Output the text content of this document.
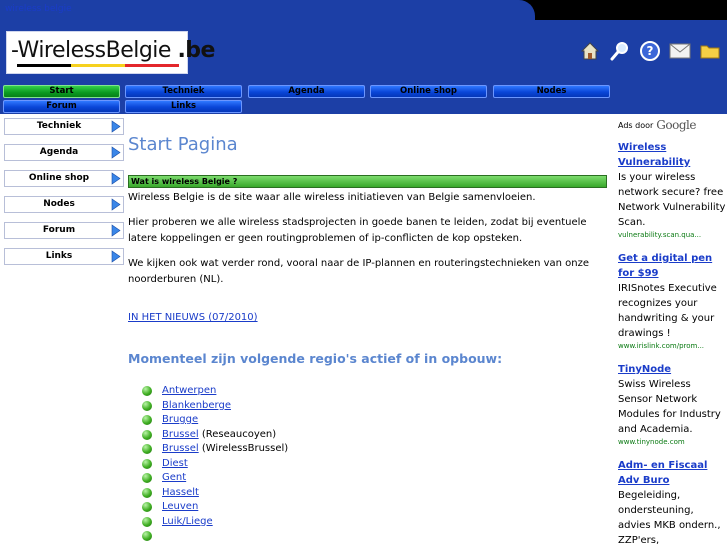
wireless belgie
-WirelessBelgie .be	?
Start	Techniek	Agenda	Online shop	Nodes
Forum	Links
Techniek
Agenda
Online shop
Nodes
Forum
Links
Start Pagina
Wat is wireless Belgie ?

Wireless Belgie is de site waar alle wireless initiatieven van Belgie samenvloeien.

Hier proberen we alle wireless stadsprojecten in goede banen te leiden, zodat bij eventuele latere koppelingen er geen routingproblemen of ip-conflicten de kop opsteken.

We kijken ook wat verder rond, vooral naar de IP-plannen en routeringstechnieken van onze noorderburen (NL).

IN HET NIEUWS (07/2010)
Momenteel zijn volgende regio's actief of in opbouw:
Antwerpen
Blankenberge
Brugge
Brussel (Reseaucoyen)
Brussel (WirelessBrussel)
Diest
Gent
Hasselt
Leuven
Luik/Liege
Ads door Google
Wireless Vulnerability
Is your wireless network secure? free Network Vulnerability Scan.
vulnerability.scan.qua...
Get a digital pen for $99
IRISnotes Executive recognizes your handwriting & your drawings !
www.irislink.com/prom...
TinyNode
Swiss Wireless Sensor Network Modules for Industry and Academia.
www.tinynode.com
Adm- en Fiscaal Adv Buro
Begeleiding, ondersteuning, advies MKB ondern., ZZP'ers,
